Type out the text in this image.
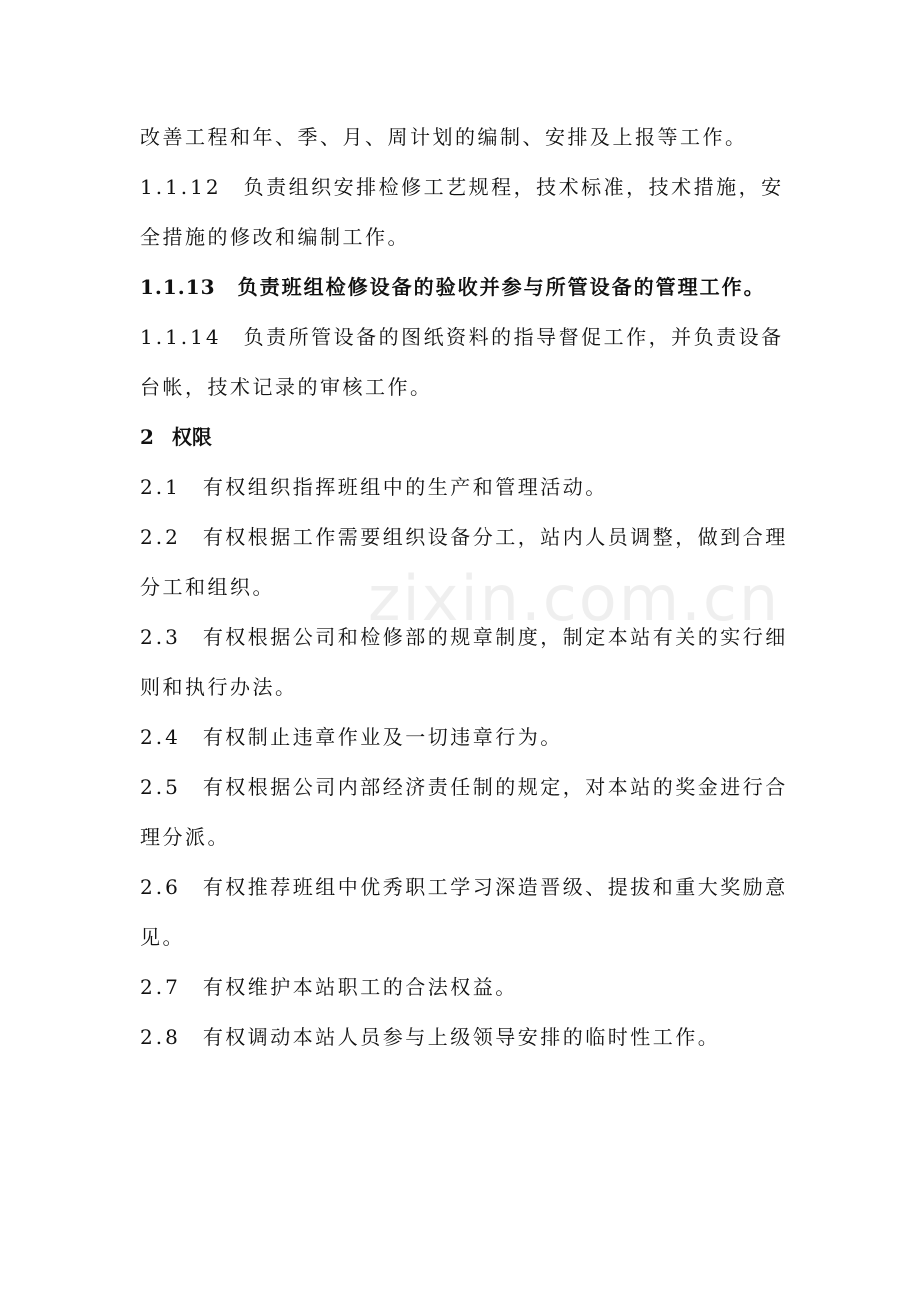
改善工程和年、季、月、周计划的编制、安排及上报等工作。

1.1.12 负责组织安排检修工艺规程，技术标准，技术措施，安全措施的修改和编制工作。

1.1.13 负责班组检修设备的验收并参与所管设备的管理工作。

1.1.14 负责所管设备的图纸资料的指导督促工作，并负责设备台帐，技术记录的审核工作。

2 权限

2.1 有权组织指挥班组中的生产和管理活动。

2.2 有权根据工作需要组织设备分工，站内人员调整，做到合理分工和组织。

2.3 有权根据公司和检修部的规章制度，制定本站有关的实行细则和执行办法。

2.4 有权制止违章作业及一切违章行为。

2.5 有权根据公司内部经济责任制的规定，对本站的奖金进行合理分派。

2.6 有权推荐班组中优秀职工学习深造晋级、提拔和重大奖励意见。

2.7 有权维护本站职工的合法权益。

2.8 有权调动本站人员参与上级领导安排的临时性工作。

zixin.com.cn
